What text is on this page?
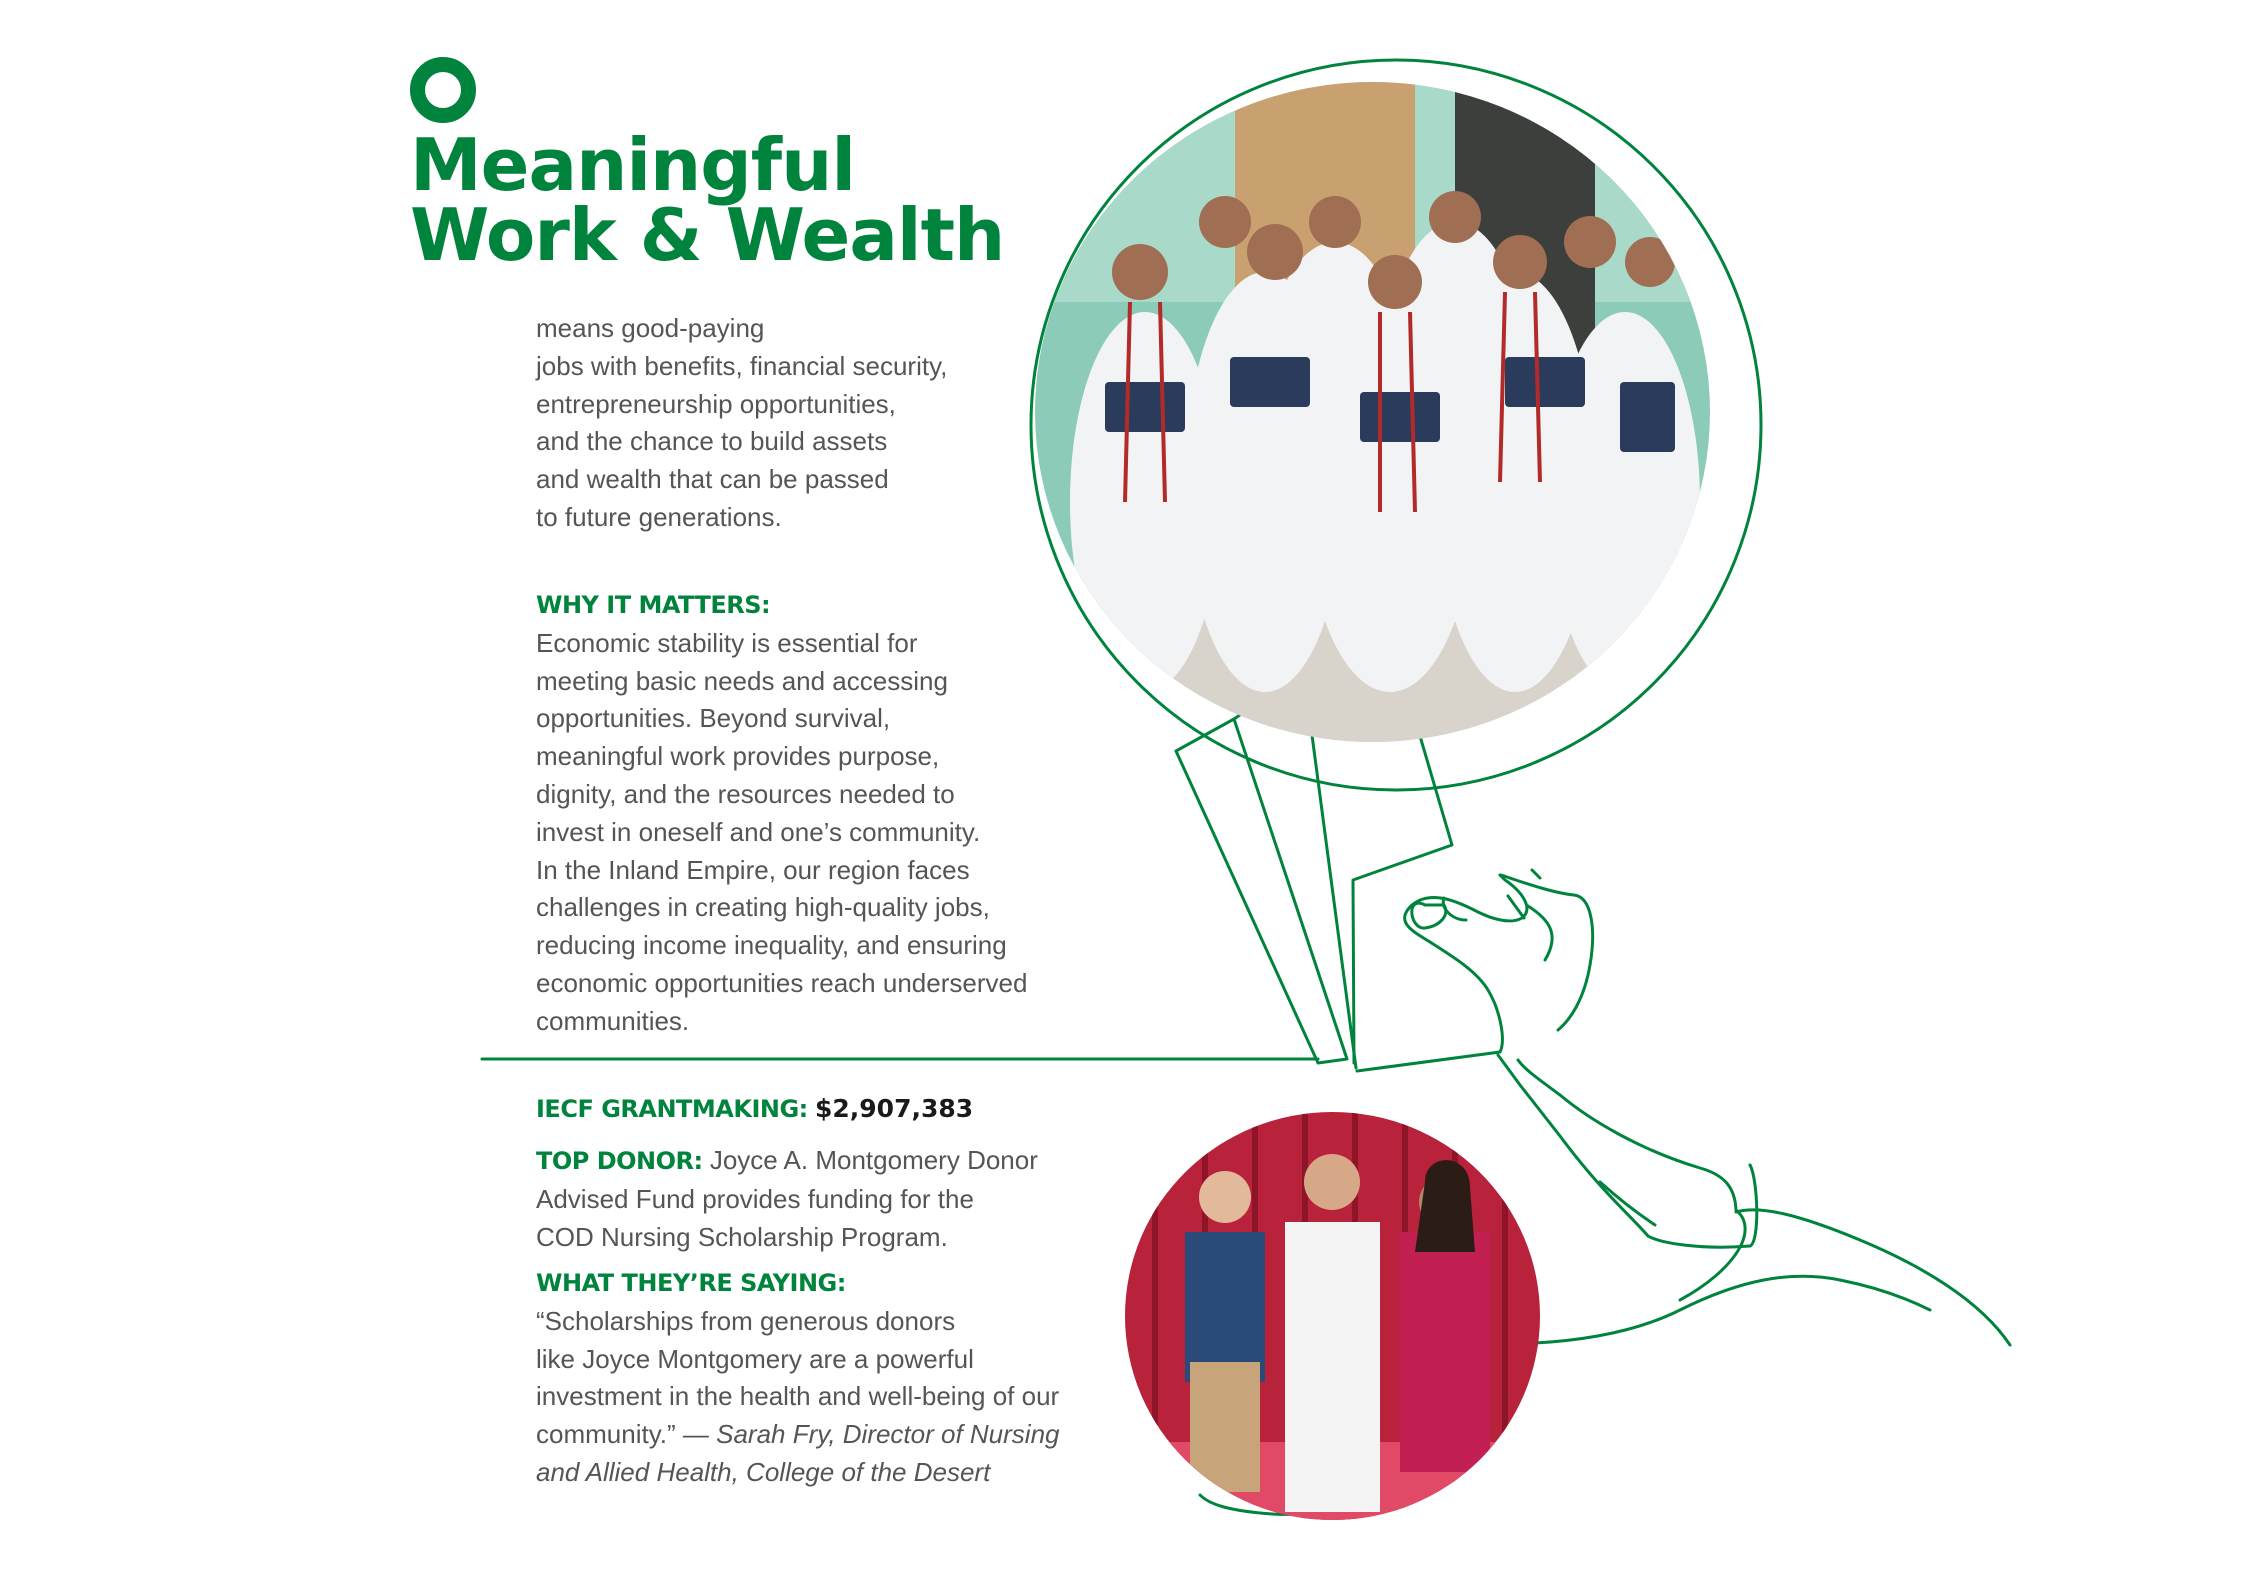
Meaningful
Work & Wealth
means good-paying
jobs with benefits, financial security,
entrepreneurship opportunities,
and the chance to build assets
and wealth that can be passed
to future generations.
WHY IT MATTERS:
Economic stability is essential for
meeting basic needs and accessing
opportunities. Beyond survival,
meaningful work provides purpose,
dignity, and the resources needed to
invest in oneself and one’s community.
In the Inland Empire, our region faces
challenges in creating high-quality jobs,
reducing income inequality, and ensuring
economic opportunities reach underserved
communities.
IECF GRANTMAKING: $2,907,383
TOP DONOR: Joyce A. Montgomery Donor
Advised Fund provides funding for the
COD Nursing Scholarship Program.
WHAT THEY’RE SAYING:
“Scholarships from generous donors
like Joyce Montgomery are a powerful
investment in the health and well-being of our
community.” — Sarah Fry, Director of Nursing
and Allied Health, College of the Desert
